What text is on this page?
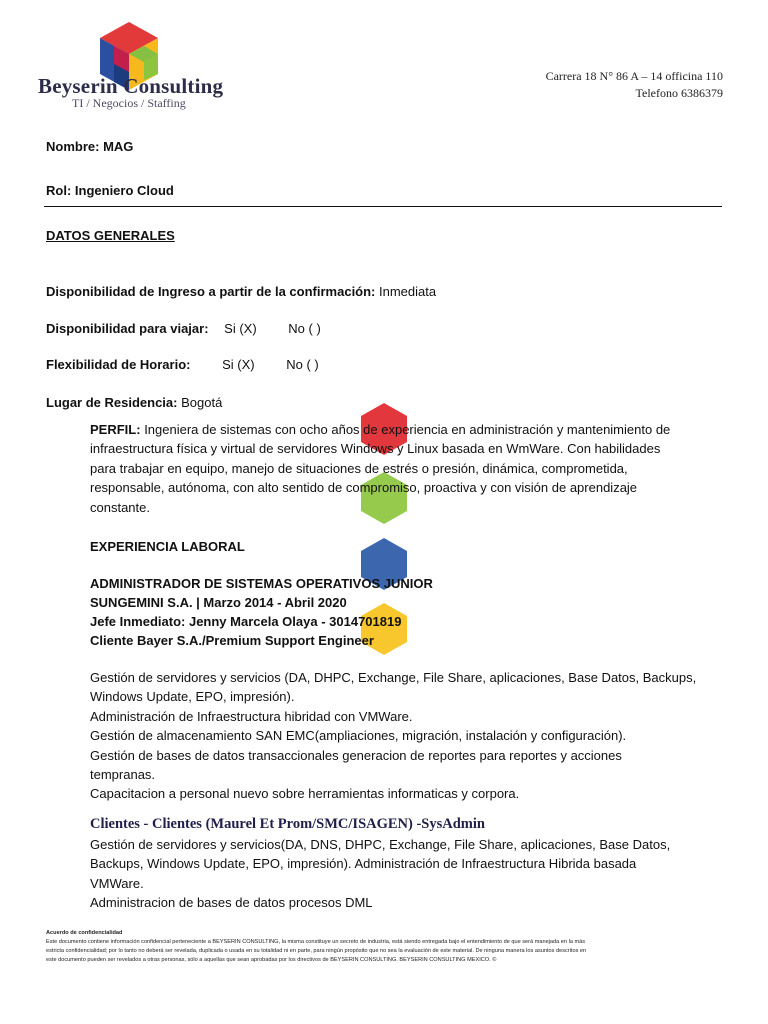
Beyserin Consulting
TI / Negocios / Staffing
Carrera 18 N° 86 A – 14 officina 110
Telefono 6386379
Nombre: MAG
Rol: Ingeniero Cloud
DATOS GENERALES
Disponibilidad de Ingreso a partir de la confirmación: Inmediata
Disponibilidad para viajar: Si (X) No ( )
Flexibilidad de Horario: Si (X) No ( )
Lugar de Residencia: Bogotá
PERFIL: Ingeniera de sistemas con ocho años de experiencia en administración y mantenimiento de
infraestructura física y virtual de servidores Windows y Linux basada en WmWare. Con habilidades
para trabajar en equipo, manejo de situaciones de estrés o presión, dinámica, comprometida,
responsable, autónoma, con alto sentido de compromiso, proactiva y con visión de aprendizaje
constante.
EXPERIENCIA LABORAL
ADMINISTRADOR DE SISTEMAS OPERATIVOS JUNIOR
SUNGEMINI S.A. | Marzo 2014 - Abril 2020
Jefe Inmediato: Jenny Marcela Olaya - 3014701819
Cliente Bayer S.A./Premium Support Engineer
Gestión de servidores y servicios (DA, DHPC, Exchange, File Share, aplicaciones, Base Datos, Backups,
Windows Update, EPO, impresión).
Administración de Infraestructura hibridad con VMWare.
Gestión de almacenamiento SAN EMC(ampliaciones, migración, instalación y configuración).
Gestión de bases de datos transaccionales generacion de reportes para reportes y acciones
tempranas.
Capacitacion a personal nuevo sobre herramientas informaticas y corpora.
Clientes - Clientes (Maurel Et Prom/SMC/ISAGEN) -SysAdmin
Gestión de servidores y servicios(DA, DNS, DHPC, Exchange, File Share, aplicaciones, Base Datos,
Backups, Windows Update, EPO, impresión). Administración de Infraestructura Hibrida basada
VMWare.
Administracion de bases de datos procesos DML
Acuerdo de confidencialidad
Este documento contiene información confidencial perteneciente a BEYSERIN CONSULTING, la misma constituye un secreto de industria, está siendo entregada bajo el entendimiento de que será manejada en la más
estricta confidencialidad; por lo tanto no deberá ser revelada, duplicada o usada en su totalidad ni en parte, para ningún propósito que no sea la evaluación de este material. De ninguna manera los asuntos descritos en
este documento pueden ser revelados a otras personas, sólo a aquellas que sean aprobadas por los directivos de BEYSERIN CONSULTING. BEYSERIN CONSULTING MEXICO. ©
